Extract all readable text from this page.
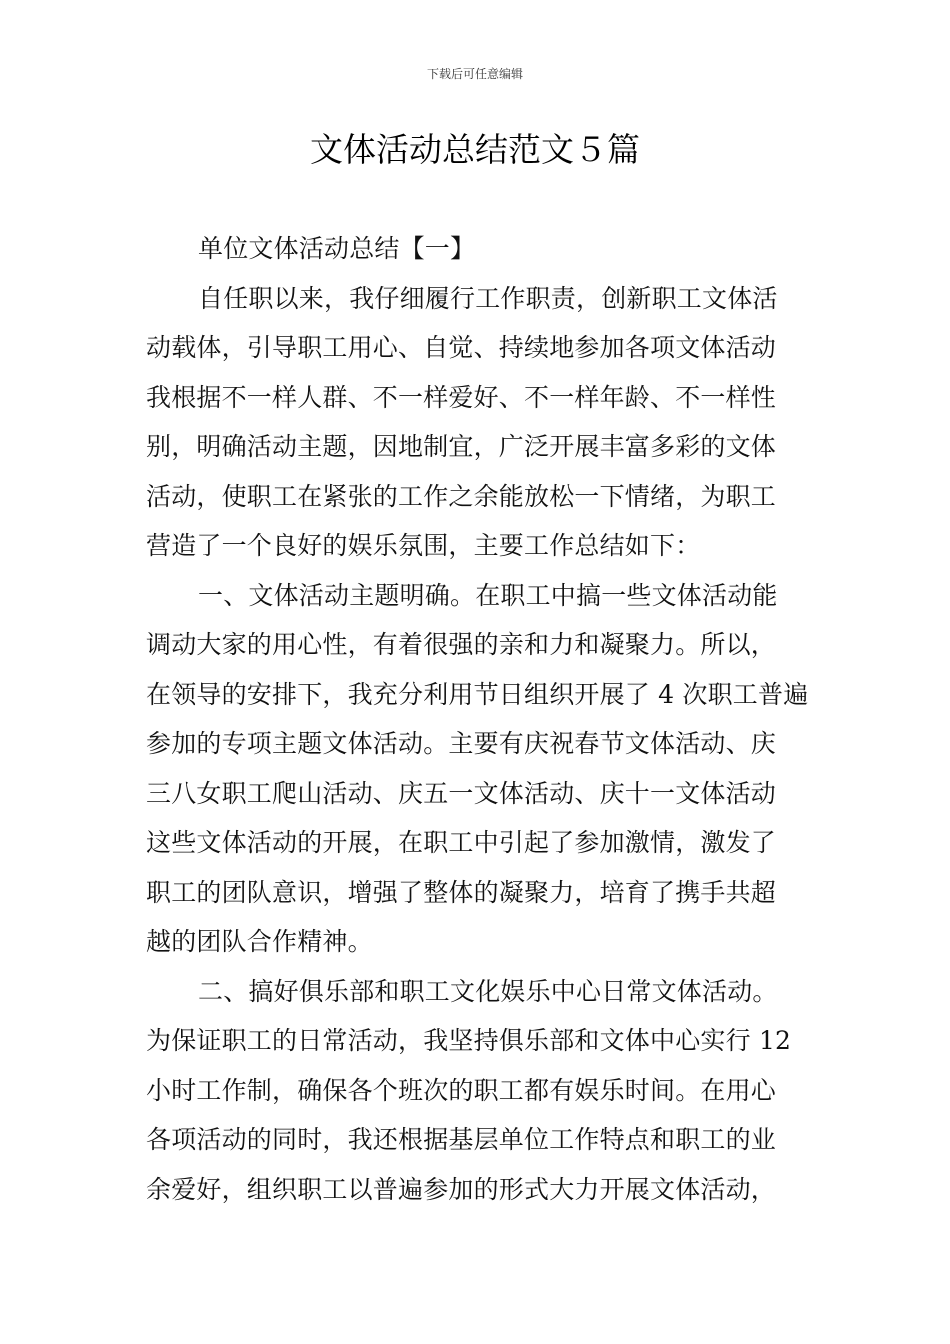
下载后可任意编辑
文体活动总结范文５篇
单位文体活动总结【一】
自任职以来，我仔细履行工作职责，创新职工文体活
动载体，引导职工用心、自觉、持续地参加各项文体活动
我根据不一样人群、不一样爱好、不一样年龄、不一样性
别，明确活动主题，因地制宜，广泛开展丰富多彩的文体
活动，使职工在紧张的工作之余能放松一下情绪，为职工
营造了一个良好的娱乐氛围，主要工作总结如下：
一、文体活动主题明确。在职工中搞一些文体活动能
调动大家的用心性，有着很强的亲和力和凝聚力。所以，
在领导的安排下，我充分利用节日组织开展了 4 次职工普遍
参加的专项主题文体活动。主要有庆祝春节文体活动、庆
三八女职工爬山活动、庆五一文体活动、庆十一文体活动
这些文体活动的开展，在职工中引起了参加激情，激发了
职工的团队意识，增强了整体的凝聚力，培育了携手共超
越的团队合作精神。
二、搞好俱乐部和职工文化娱乐中心日常文体活动。
为保证职工的日常活动，我坚持俱乐部和文体中心实行 12
小时工作制，确保各个班次的职工都有娱乐时间。在用心
各项活动的同时，我还根据基层单位工作特点和职工的业
余爱好，组织职工以普遍参加的形式大力开展文体活动，
